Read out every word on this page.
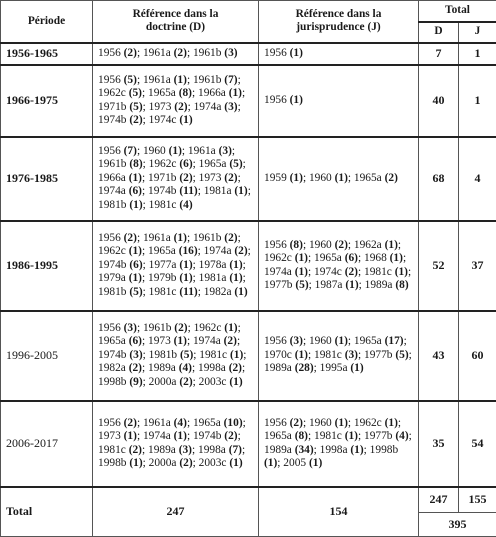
Période	Référence dans la doctrine (D)	Référence dans la jurisprudence (J)	Total	
			D	J
1956-1965	1956 (2); 1961a (2); 1961b (3)	1956 (1)	7	1
1966-1975	1956 (5); 1961a (1); 1961b (7); 1962c (5); 1965a (8); 1966a (1); 1971b (5); 1973 (2); 1974a (3); 1974b (2); 1974c (1)	1956 (1)	40	1
1976-1985	1956 (7); 1960 (1); 1961a (3); 1961b (8); 1962c (6); 1965a (5); 1966a (1); 1971b (2); 1973 (2); 1974a (6); 1974b (11); 1981a (1); 1981b (1); 1981c (4)	1959 (1); 1960 (1); 1965a (2)	68	4
1986-1995	1956 (2); 1961a (1); 1961b (2); 1962c (1); 1965a (16); 1974a (2); 1974b (6); 1977a (1); 1978a (1); 1979a (1); 1979b (1); 1981a (1); 1981b (5); 1981c (11); 1982a (1)	1956 (8); 1960 (2); 1962a (1); 1962c (1); 1965a (6); 1968 (1); 1974a (1); 1974c (2); 1981c (1); 1977b (5); 1987a (1); 1989a (8)	52	37
1996-2005	1956 (3); 1961b (2); 1962c (1); 1965a (6); 1973 (1); 1974a (2); 1974b (3); 1981b (5); 1981c (1); 1982a (2); 1989a (4); 1998a (2); 1998b (9); 2000a (2); 2003c (1)	1956 (3); 1960 (1); 1965a (17); 1970c (1); 1981c (3); 1977b (5); 1989a (28); 1995a (1)	43	60
2006-2017	1956 (2); 1961a (4); 1965a (10); 1973 (1); 1974a (1); 1974b (2); 1981c (2); 1989a (3); 1998a (7); 1998b (1); 2000a (2); 2003c (1)	1956 (2); 1960 (1); 1962c (1); 1965a (8); 1981c (1); 1977b (4); 1989a (34); 1998a (1); 1998b (1); 2005 (1)	35	54
Total	247	154	247	155
			395	
